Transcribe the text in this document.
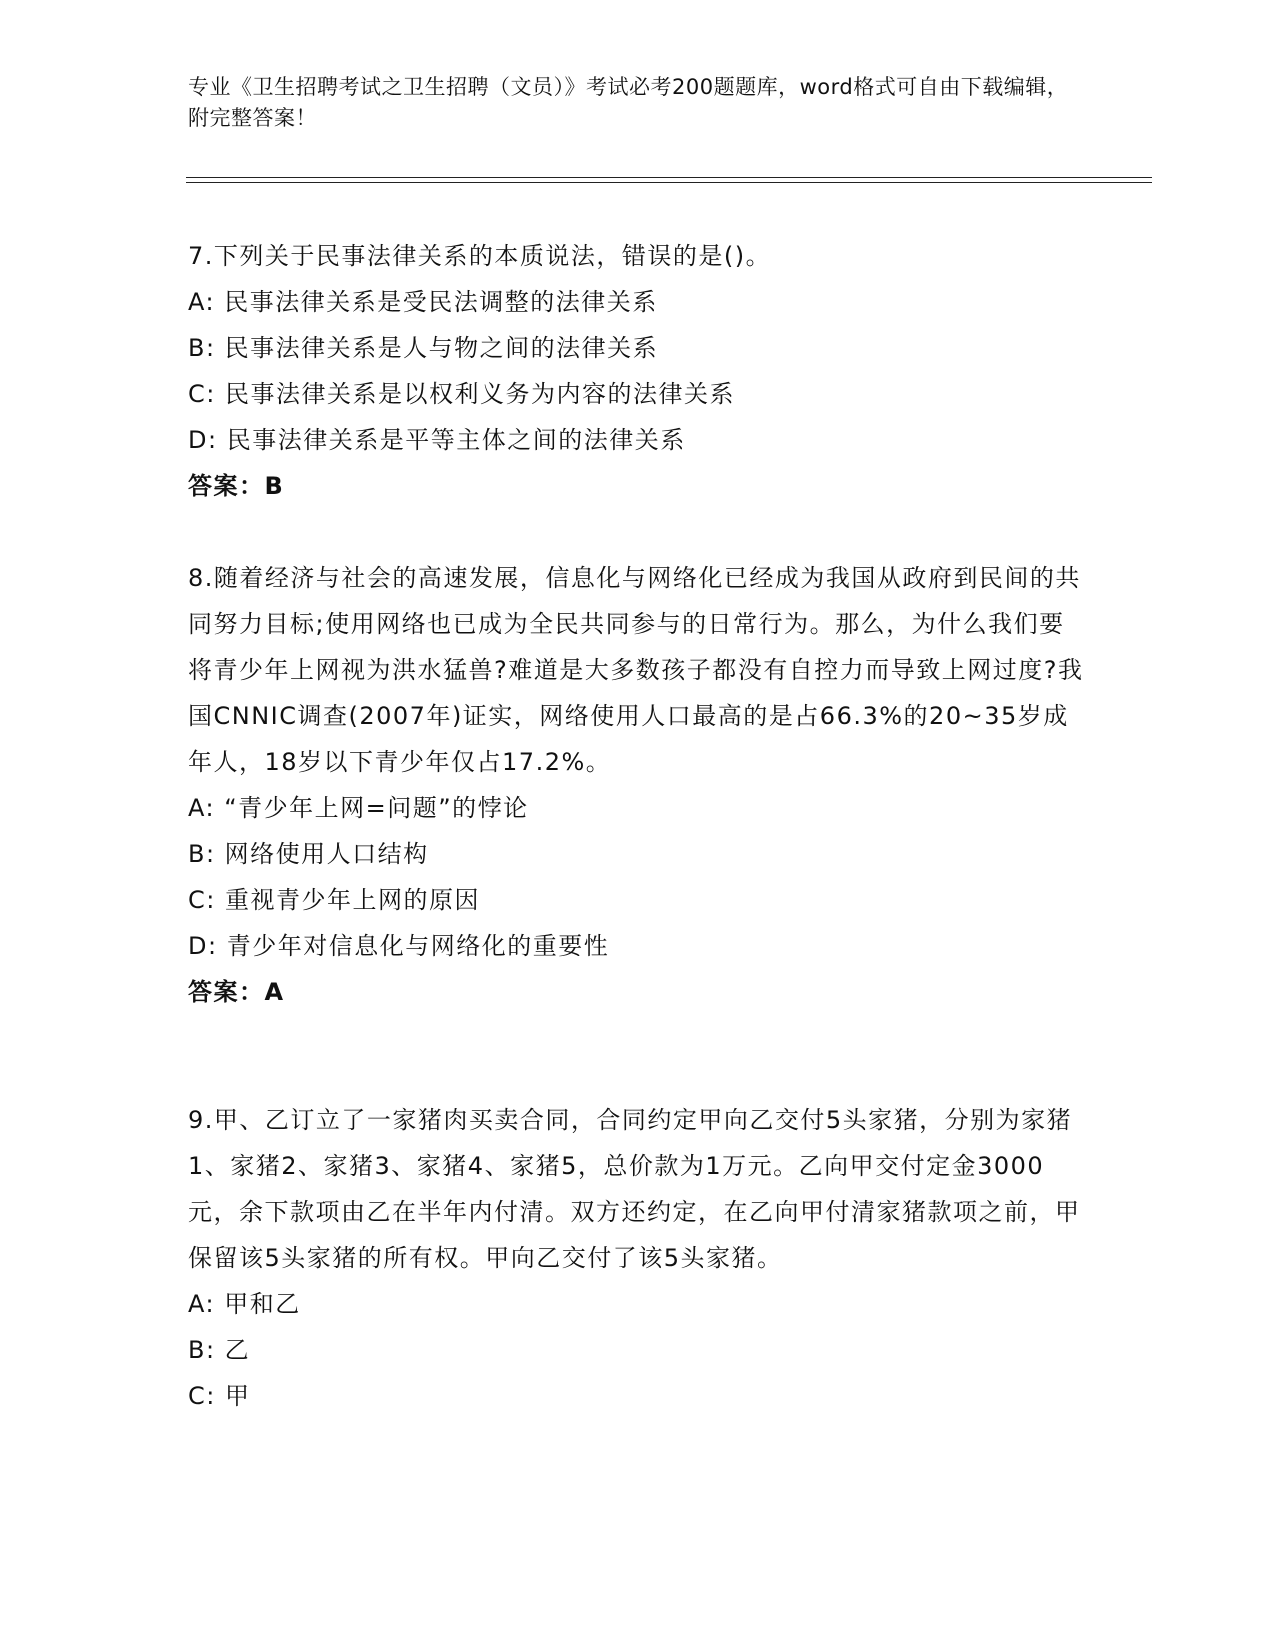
专业《卫生招聘考试之卫生招聘（文员）》考试必考200题题库，word格式可自由下载编辑，附完整答案！
7.下列关于民事法律关系的本质说法，错误的是()。
A: 民事法律关系是受民法调整的法律关系
B: 民事法律关系是人与物之间的法律关系
C: 民事法律关系是以权利义务为内容的法律关系
D: 民事法律关系是平等主体之间的法律关系
答案：B
8.随着经济与社会的高速发展，信息化与网络化已经成为我国从政府到民间的共同努力目标;使用网络也已成为全民共同参与的日常行为。那么，为什么我们要将青少年上网视为洪水猛兽?难道是大多数孩子都没有自控力而导致上网过度?我国CNNIC调查(2007年)证实，网络使用人口最高的是占66.3%的20~35岁成年人，18岁以下青少年仅占17.2%。
A: “青少年上网=问题”的悖论
B: 网络使用人口结构
C: 重视青少年上网的原因
D: 青少年对信息化与网络化的重要性
答案：A
9.甲、乙订立了一家猪肉买卖合同，合同约定甲向乙交付5头家猪，分别为家猪1、家猪2、家猪3、家猪4、家猪5，总价款为1万元。乙向甲交付定金3000元，余下款项由乙在半年内付清。双方还约定，在乙向甲付清家猪款项之前，甲保留该5头家猪的所有权。甲向乙交付了该5头家猪。
A: 甲和乙
B: 乙
C: 甲
